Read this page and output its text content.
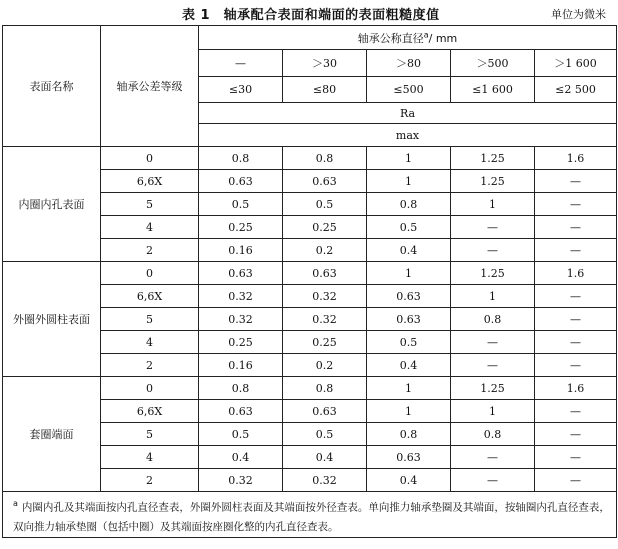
表 1　轴承配合表面和端面的表面粗糙度值	单位为微米
表面名称	轴承公差等级	轴承公称直径$^a$/ mm				
		—	＞30	＞80	＞500	＞1 600
		≤30	≤80	≤500	≤1 600	≤2 500
		Ra				
		max				
内圈内孔表面	0	0.8	0.8	1	1.25	1.6
	6,6X	0.63	0.63	1	1.25	—
	5	0.5	0.5	0.8	1	—
	4	0.25	0.25	0.5	—	—
	2	0.16	0.2	0.4	—	—
外圈外圆柱表面	0	0.63	0.63	1	1.25	1.6
	6,6X	0.32	0.32	0.63	1	—
	5	0.32	0.32	0.63	0.8	—
	4	0.25	0.25	0.5	—	—
	2	0.16	0.2	0.4	—	—
套圈端面	0	0.8	0.8	1	1.25	1.6
	6,6X	0.63	0.63	1	1	—
	5	0.5	0.5	0.8	0.8	—
	4	0.4	0.4	0.63	—	—
	2	0.32	0.32	0.4	—	—
$^a$ 内圈内孔及其端面按内孔直径查表，外圈外圆柱表面及其端面按外径查表。单向推力轴承垫圈及其端面，按轴圈内孔直径查表，双向推力轴承垫圈（包括中圈）及其端面按座圈化整的内孔直径查表。						
